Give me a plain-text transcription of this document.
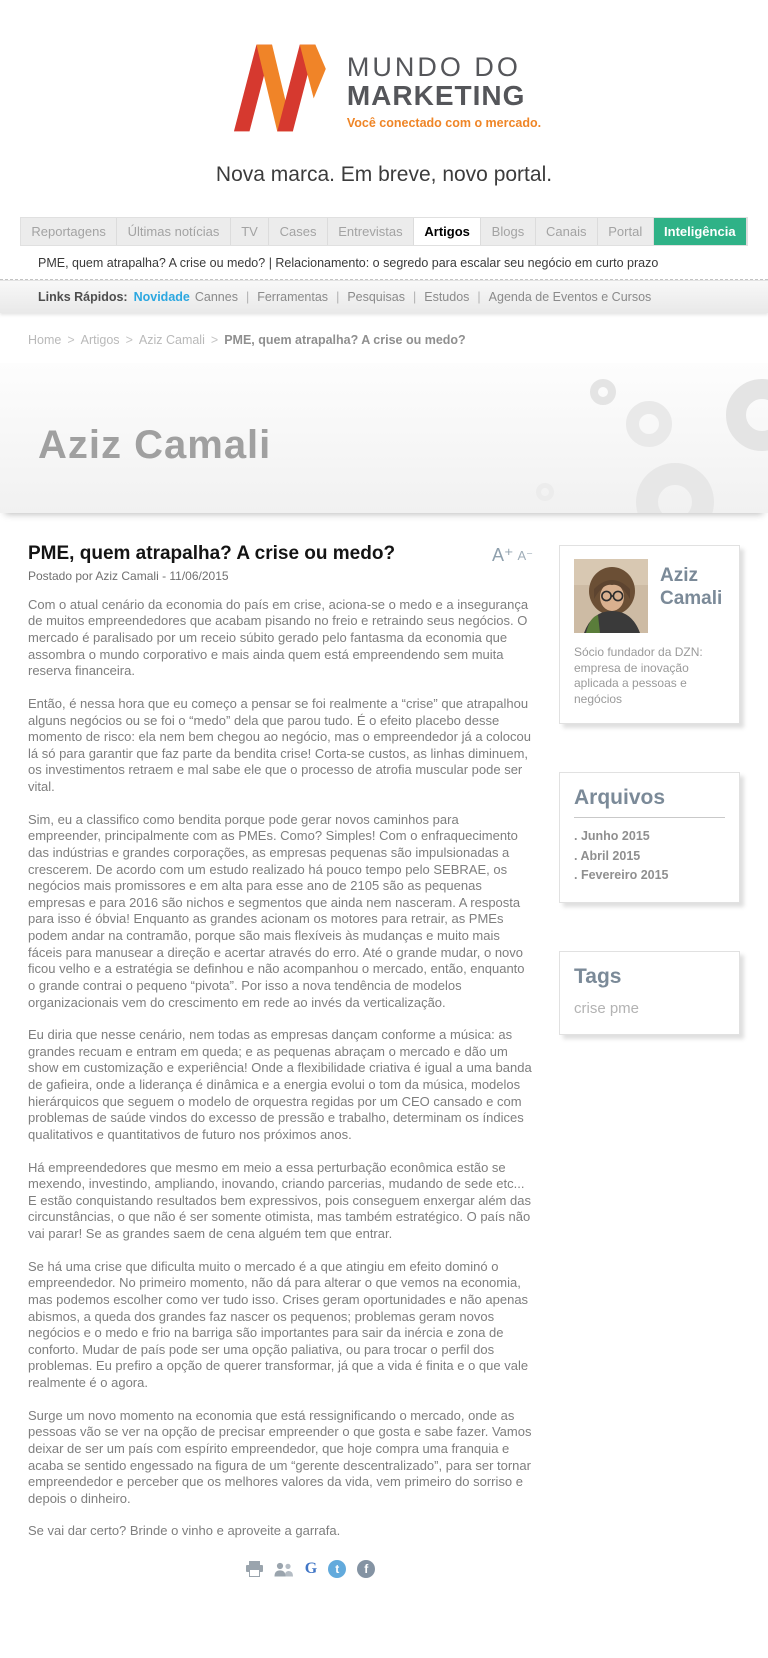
MUNDO DO
MARKETING
Você conectado com o mercado.
Nova marca. Em breve, novo portal.
Reportagens	Últimas notícias	TV	Cases	Entrevistas	Artigos	Blogs	Canais	Portal	Inteligência
PME, quem atrapalha? A crise ou medo? | Relacionamento: o segredo para escalar seu negócio em curto prazo
Links Rápidos: Novidade Cannes	| Ferramentas	| Pesquisas	| Estudos	| Agenda de Eventos e Cursos
Home >	Artigos >	Aziz Camali >	PME, quem atrapalha? A crise ou medo?
Aziz Camali
PME, quem atrapalha? A crise ou medo?
Postado por Aziz Camali - 11/06/2015
A⁺ A⁻

Com o atual cenário da economia do país em crise, aciona-se o medo e a insegurança de muitos empreendedores que acabam pisando no freio e retraindo seus negócios. O mercado é paralisado por um receio súbito gerado pelo fantasma da economia que assombra o mundo corporativo e mais ainda quem está empreendendo sem muita reserva financeira.

Então, é nessa hora que eu começo a pensar se foi realmente a “crise” que atrapalhou alguns negócios ou se foi o “medo” dela que parou tudo. É o efeito placebo desse momento de risco: ela nem bem chegou ao negócio, mas o empreendedor já a colocou lá só para garantir que faz parte da bendita crise! Corta-se custos, as linhas diminuem, os investimentos retraem e mal sabe ele que o processo de atrofia muscular pode ser vital.

Sim, eu a classifico como bendita porque pode gerar novos caminhos para empreender, principalmente com as PMEs. Como? Simples! Com o enfraquecimento das indústrias e grandes corporações, as empresas pequenas são impulsionadas a crescerem. De acordo com um estudo realizado há pouco tempo pelo SEBRAE, os negócios mais promissores e em alta para esse ano de 2105 são as pequenas empresas e para 2016 são nichos e segmentos que ainda nem nasceram. A resposta para isso é óbvia! Enquanto as grandes acionam os motores para retrair, as PMEs podem andar na contramão, porque são mais flexíveis às mudanças e muito mais fáceis para manusear a direção e acertar através do erro. Até o grande mudar, o novo ficou velho e a estratégia se definhou e não acompanhou o mercado, então, enquanto o grande contrai o pequeno “pivota”. Por isso a nova tendência de modelos organizacionais vem do crescimento em rede ao invés da verticalização.

Eu diria que nesse cenário, nem todas as empresas dançam conforme a música: as grandes recuam e entram em queda; e as pequenas abraçam o mercado e dão um show em customização e experiência! Onde a flexibilidade criativa é igual a uma banda de gafieira, onde a liderança é dinâmica e a energia evolui o tom da música, modelos hierárquicos que seguem o modelo de orquestra regidas por um CEO cansado e com problemas de saúde vindos do excesso de pressão e trabalho, determinam os índices qualitativos e quantitativos de futuro nos próximos anos.

Há empreendedores que mesmo em meio a essa perturbação econômica estão se mexendo, investindo, ampliando, inovando, criando parcerias, mudando de sede etc... E estão conquistando resultados bem expressivos, pois conseguem enxergar além das circunstâncias, o que não é ser somente otimista, mas também estratégico. O país não vai parar! Se as grandes saem de cena alguém tem que entrar.

Se há uma crise que dificulta muito o mercado é a que atingiu em efeito dominó o empreendedor. No primeiro momento, não dá para alterar o que vemos na economia, mas podemos escolher como ver tudo isso. Crises geram oportunidades e não apenas abismos, a queda dos grandes faz nascer os pequenos; problemas geram novos negócios e o medo e frio na barriga são importantes para sair da inércia e zona de conforto. Mudar de país pode ser uma opção paliativa, ou para trocar o perfil dos problemas. Eu prefiro a opção de querer transformar, já que a vida é finita e o que vale realmente é o agora.

Surge um novo momento na economia que está ressignificando o mercado, onde as pessoas vão se ver na opção de precisar empreender o que gosta e sabe fazer. Vamos deixar de ser um país com espírito empreendedor, que hoje compra uma franquia e acaba se sentido engessado na figura de um “gerente descentralizado”, para ser tornar empreendedor e perceber que os melhores valores da vida, vem primeiro do sorriso e depois o dinheiro.

Se vai dar certo? Brinde o vinho e aproveite a garrafa.

G	t	f
Aziz Camali
Sócio fundador da DZN: empresa de inovação aplicada a pessoas e negócios
Arquivos
. Junho 2015
. Abril 2015
. Fevereiro 2015
Tags
crise pme
